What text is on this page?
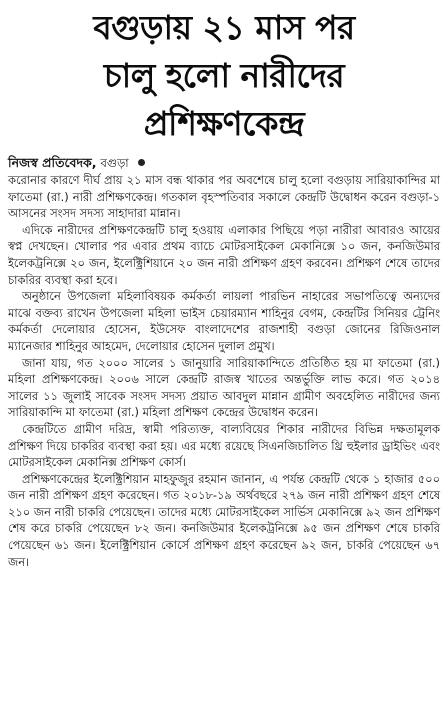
বগুড়ায় ২১ মাস পর
চালু হলো নারীদের
প্রশিক্ষণকেন্দ্র
নিজস্ব প্রতিবেদক, বগুড়া

করোনার কারণে দীর্ঘ প্রায় ২১ মাস বন্ধ থাকার পর অবশেষে চালু হলো বগুড়ায় সারিয়াকান্দির মা ফাতেমা (রা.) নারী প্রশিক্ষণকেন্দ্র। গতকাল বৃহস্পতিবার সকালে কেন্দ্রটি উদ্বোধন করেন বগুড়া-১ আসনের সংসদ সদস্য সাহাদারা মান্নান।

এদিকে নারীদের প্রশিক্ষণকেন্দ্রটি চালু হওয়ায় এলাকার পিছিয়ে পড়া নারীরা আবারও আয়ের স্বপ্ন দেখছেন। খোলার পর এবার প্রথম ব্যাচে মোটরসাইকেল মেকানিক্সে ১০ জন, কনজিউমার ইলেকট্রনিক্সে ২০ জন, ইলেক্ট্রিশিয়ানে ২০ জন নারী প্রশিক্ষণ গ্রহণ করবেন। প্রশিক্ষণ শেষে তাদের চাকরির ব্যবস্থা করা হবে।

অনুষ্ঠানে উপজেলা মহিলাবিষয়ক কর্মকর্তা লায়লা পারভিন নাহারের সভাপতিত্বে অন্যদের মাঝে বক্তব্য রাখেন উপজেলা মহিলা ভাইস চেয়ারম্যান শাহিনুর বেগম, কেন্দ্রটির সিনিয়র ট্রেনিং কর্মকর্তা দেলোয়ার হোসেন, ইউসেফ বাংলাদেশের রাজশাহী বগুড়া জোনের রিজিওনাল ম্যানেজার শাহিনুর আহমেদ, দেলোয়ার হোসেন দুলাল প্রমুখ।

জানা যায়, গত ২০০০ সালের ১ জানুয়ারি সারিয়াকান্দিতে প্রতিষ্ঠিত হয় মা ফাতেমা (রা.) মহিলা প্রশিক্ষণকেন্দ্র। ২০০৬ সালে কেন্দ্রটি রাজস্ব খাতের অন্তর্ভুক্তি লাভ করে। গত ২০১৪ সালের ১১ জুলাই সাবেক সংসদ সদস্য প্রয়াত আবদুল মান্নান গ্রামীণ অবহেলিত নারীদের জন্য সারিয়াকান্দি মা ফাতেমা (রা.) মহিলা প্রশিক্ষণ কেন্দ্রের উদ্বোধন করেন।

কেন্দ্রটিতে গ্রামীণ দরিদ্র, স্বামী পরিত্যক্ত, বাল্যবিয়ের শিকার নারীদের বিভিন্ন দক্ষতামূলক প্রশিক্ষণ দিয়ে চাকরির ব্যবস্থা করা হয়। এর মধ্যে রয়েছে সিএনজিচালিত থ্রি হুইলার ড্রাইভিং এবং মোটরসাইকেল মেকানিক্স প্রশিক্ষণ কোর্স।

প্রশিক্ষণকেন্দ্রের ইলেক্ট্রিশিয়ান মাহফুজুর রহমান জানান, এ পর্যন্ত কেন্দ্রটি থেকে ১ হাজার ৫০০ জন নারী প্রশিক্ষণ গ্রহণ করেছেন। গত ২০১৮-১৯ অর্থবছরে ২৭৯ জন নারী প্রশিক্ষণ গ্রহণ শেষে ২১০ জন নারী চাকরি পেয়েছেন। তাদের মধ্যে মোটরসাইকেল সার্ভিস মেকানিক্সে ৯২ জন প্রশিক্ষণ শেষ করে চাকরি পেয়েছেন ৮২ জন। কনজিউমার ইলেকট্রনিক্সে ৯৫ জন প্রশিক্ষণ শেষে চাকরি পেয়েছেন ৬১ জন। ইলেক্ট্রিশিয়ান কোর্সে প্রশিক্ষণ গ্রহণ করেছেন ৯২ জন, চাকরি পেয়েছেন ৬৭ জন।
